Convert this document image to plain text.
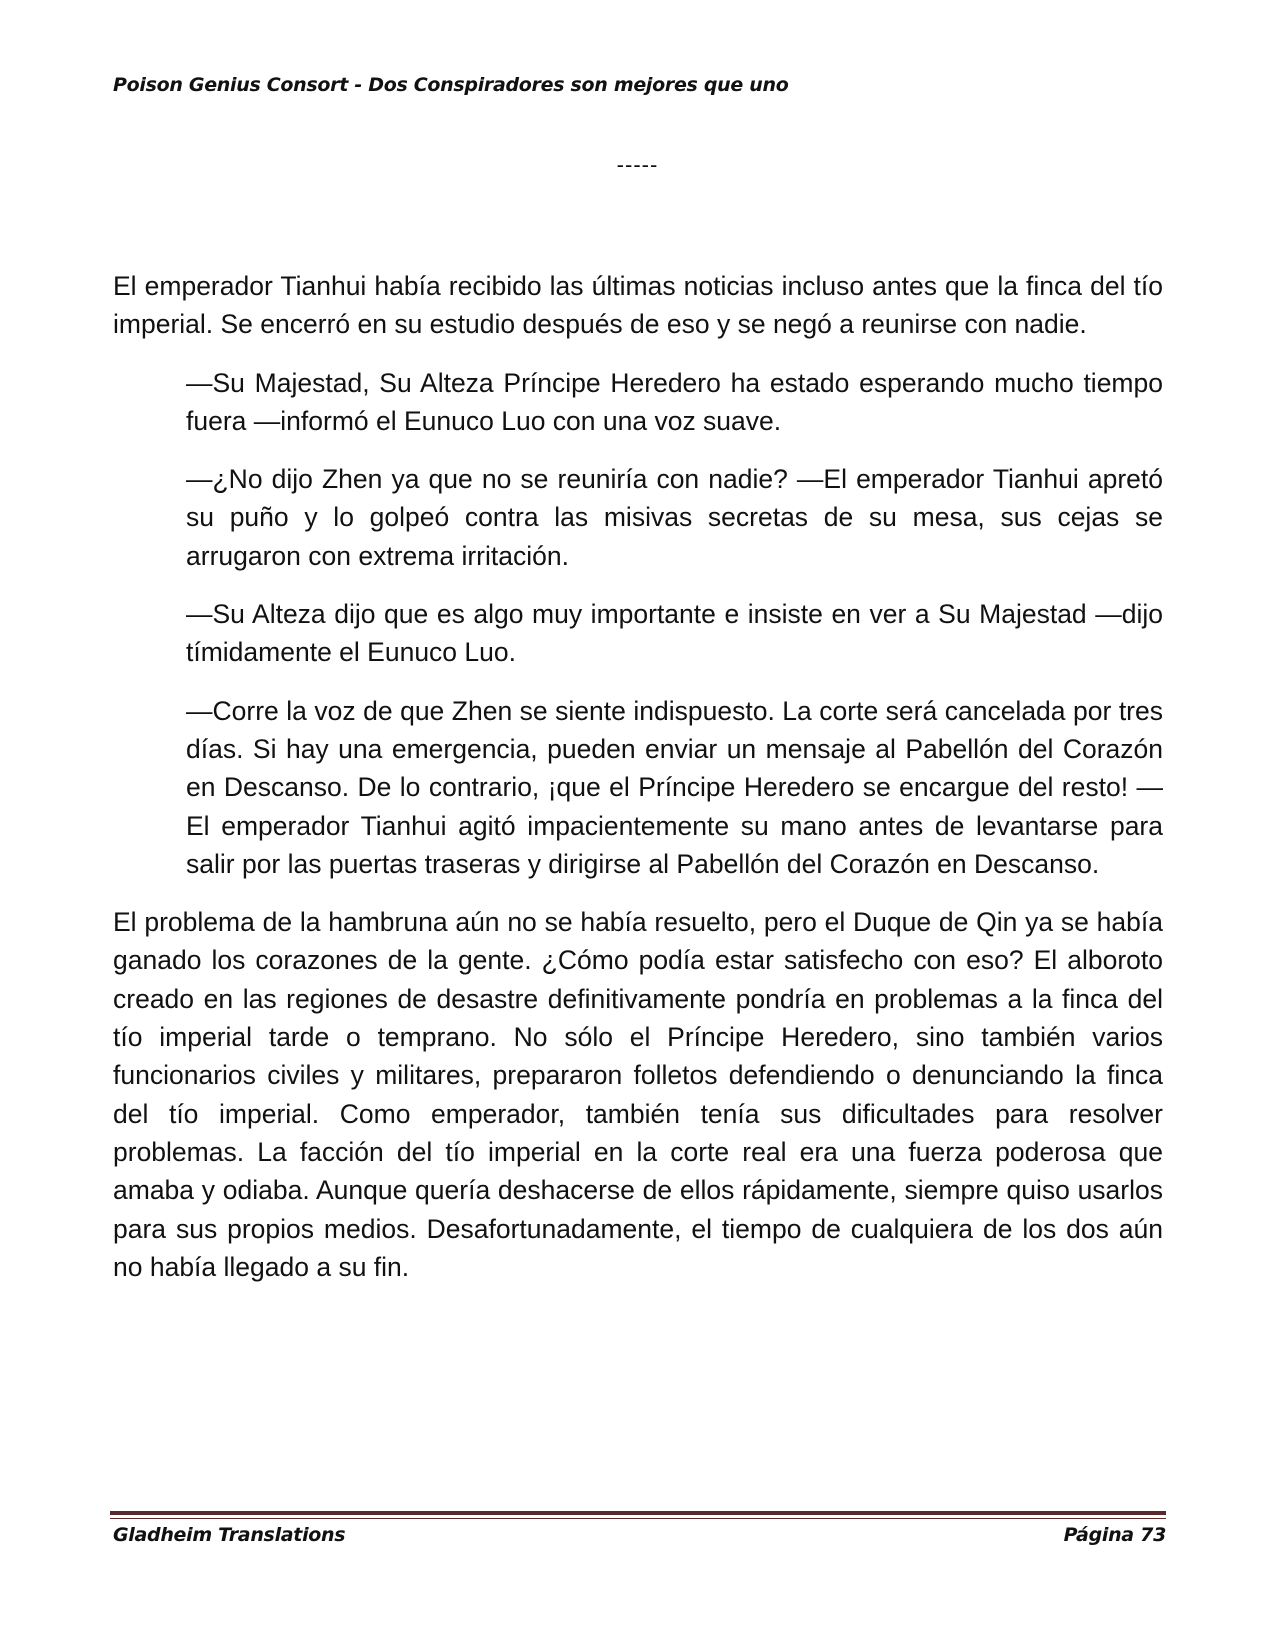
Poison Genius Consort - Dos Conspiradores son mejores que uno
-----

El emperador Tianhui había recibido las últimas noticias incluso antes que la finca del tío imperial. Se encerró en su estudio después de eso y se negó a reunirse con nadie.

—Su Majestad, Su Alteza Príncipe Heredero ha estado esperando mucho tiempo fuera —informó el Eunuco Luo con una voz suave.

—¿No dijo Zhen ya que no se reuniría con nadie? —El emperador Tianhui apretó su puño y lo golpeó contra las misivas secretas de su mesa, sus cejas se arrugaron con extrema irritación.

—Su Alteza dijo que es algo muy importante e insiste en ver a Su Majestad —dijo tímidamente el Eunuco Luo.

—Corre la voz de que Zhen se siente indispuesto. La corte será cancelada por tres días. Si hay una emergencia, pueden enviar un mensaje al Pabellón del Corazón en Descanso. De lo contrario, ¡que el Príncipe Heredero se encargue del resto! —El emperador Tianhui agitó impacientemente su mano antes de levantarse para salir por las puertas traseras y dirigirse al Pabellón del Corazón en Descanso.

El problema de la hambruna aún no se había resuelto, pero el Duque de Qin ya se había ganado los corazones de la gente. ¿Cómo podía estar satisfecho con eso? El alboroto creado en las regiones de desastre definitivamente pondría en problemas a la finca del tío imperial tarde o temprano. No sólo el Príncipe Heredero, sino también varios funcionarios civiles y militares, prepararon folletos defendiendo o denunciando la finca del tío imperial. Como emperador, también tenía sus dificultades para resolver problemas. La facción del tío imperial en la corte real era una fuerza poderosa que amaba y odiaba. Aunque quería deshacerse de ellos rápidamente, siempre quiso usarlos para sus propios medios. Desafortunadamente, el tiempo de cualquiera de los dos aún no había llegado a su fin.

Gladheim Translations	Página 73
